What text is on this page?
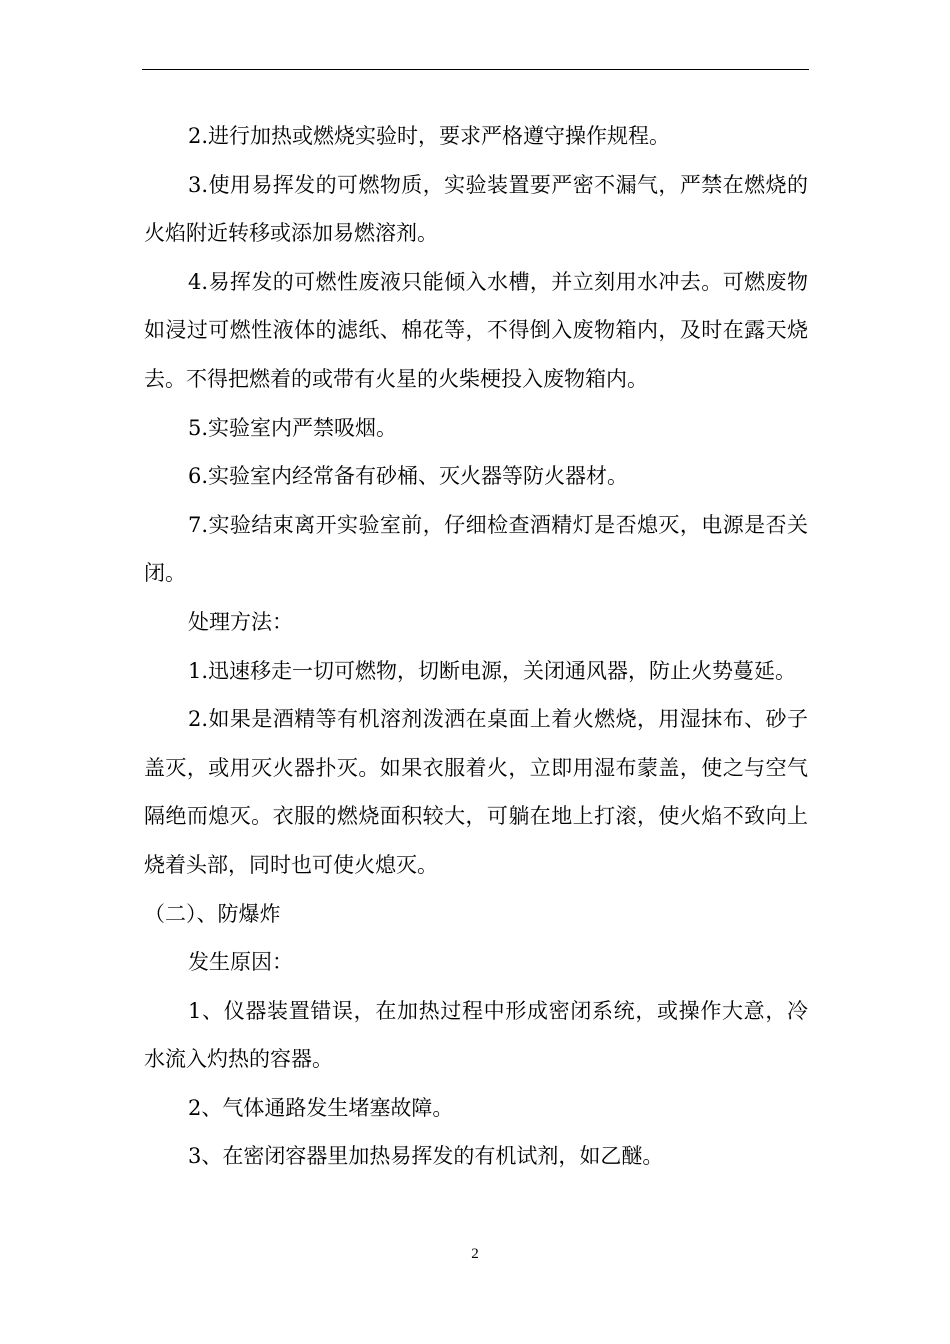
2.进行加热或燃烧实验时，要求严格遵守操作规程。

3.使用易挥发的可燃物质，实验装置要严密不漏气，严禁在燃烧的火焰附近转移或添加易燃溶剂。

4.易挥发的可燃性废液只能倾入水槽，并立刻用水冲去。可燃废物如浸过可燃性液体的滤纸、棉花等，不得倒入废物箱内，及时在露天烧去。不得把燃着的或带有火星的火柴梗投入废物箱内。

5.实验室内严禁吸烟。

6.实验室内经常备有砂桶、灭火器等防火器材。

7.实验结束离开实验室前，仔细检查酒精灯是否熄灭，电源是否关闭。

处理方法：

1.迅速移走一切可燃物，切断电源，关闭通风器，防止火势蔓延。

2.如果是酒精等有机溶剂泼洒在桌面上着火燃烧，用湿抹布、砂子盖灭，或用灭火器扑灭。如果衣服着火，立即用湿布蒙盖，使之与空气隔绝而熄灭。衣服的燃烧面积较大，可躺在地上打滚，使火焰不致向上烧着头部，同时也可使火熄灭。

（二）、防爆炸

发生原因：

1、仪器装置错误，在加热过程中形成密闭系统，或操作大意，冷水流入灼热的容器。

2、气体通路发生堵塞故障。

3、在密闭容器里加热易挥发的有机试剂，如乙醚。

2
